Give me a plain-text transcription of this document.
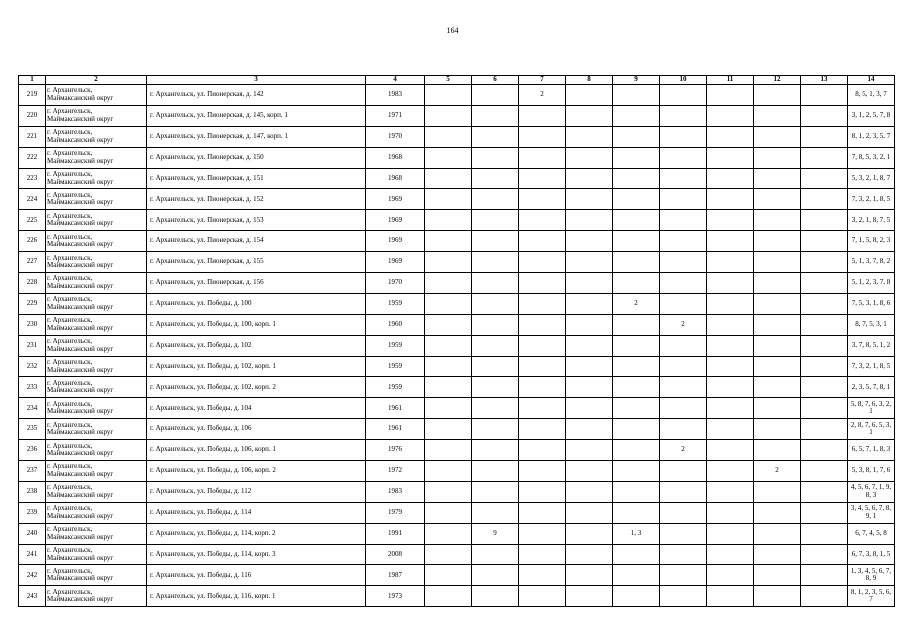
164
1	2	3	4	5	6	7	8	9	10	11	12	13	14
219	г. Архангельск,
Маймаксанский округ	г. Архангельск, ул. Пионерская, д. 142	1983			2							8, 5, 1, 3, 7
220	г. Архангельск,
Маймаксанский округ	г. Архангельск, ул. Пионерская, д. 145, корп. 1	1971										3, 1, 2, 5, 7, 8
221	г. Архангельск,
Маймаксанский округ	г. Архангельск, ул. Пионерская, д. 147, корп. 1	1970										8, 1, 2, 3, 5, 7
222	г. Архангельск,
Маймаксанский округ	г. Архангельск, ул. Пионерская, д. 150	1968										7, 8, 5, 3, 2, 1
223	г. Архангельск,
Маймаксанский округ	г. Архангельск, ул. Пионерская, д. 151	1968										5, 3, 2, 1, 8, 7
224	г. Архангельск,
Маймаксанский округ	г. Архангельск, ул. Пионерская, д. 152	1969										7, 3, 2, 1, 8, 5
225	г. Архангельск,
Маймаксанский округ	г. Архангельск, ул. Пионерская, д. 153	1969										3, 2, 1, 8, 7, 5
226	г. Архангельск,
Маймаксанский округ	г. Архангельск, ул. Пионерская, д. 154	1969										7, 1, 5, 8, 2, 3
227	г. Архангельск,
Маймаксанский округ	г. Архангельск, ул. Пионерская, д. 155	1969										5, 1, 3, 7, 8, 2
228	г. Архангельск,
Маймаксанский округ	г. Архангельск, ул. Пионерская, д. 156	1970										5, 1, 2, 3, 7, 8
229	г. Архангельск,
Маймаксанский округ	г. Архангельск, ул. Победы, д. 100	1959					2					7, 5, 3, 1, 8, 6
230	г. Архангельск,
Маймаксанский округ	г. Архангельск, ул. Победы, д. 100, корп. 1	1960						2				8, 7, 5, 3, 1
231	г. Архангельск,
Маймаксанский округ	г. Архангельск, ул. Победы, д. 102	1959										3, 7, 8, 5, 1, 2
232	г. Архангельск,
Маймаксанский округ	г. Архангельск, ул. Победы, д. 102, корп. 1	1959										7, 3, 2, 1, 8, 5
233	г. Архангельск,
Маймаксанский округ	г. Архангельск, ул. Победы, д. 102, корп. 2	1959										2, 3, 5, 7, 8, 1
234	г. Архангельск,
Маймаксанский округ	г. Архангельск, ул. Победы, д. 104	1961										5, 8, 7, 6, 3, 2, 1
235	г. Архангельск,
Маймаксанский округ	г. Архангельск, ул. Победы, д. 106	1961										2, 8, 7, 6, 5, 3, 1
236	г. Архангельск,
Маймаксанский округ	г. Архангельск, ул. Победы, д. 106, корп. 1	1976						2				6, 5, 7, 1, 8, 3
237	г. Архангельск,
Маймаксанский округ	г. Архангельск, ул. Победы, д. 106, корп. 2	1972								2		5, 3, 8, 1, 7, 6
238	г. Архангельск,
Маймаксанский округ	г. Архангельск, ул. Победы, д. 112	1983										4, 5, 6, 7, 1, 9, 8, 3
239	г. Архангельск,
Маймаксанский округ	г. Архангельск, ул. Победы, д. 114	1979										3, 4, 5, 6, 7, 8, 9, 1
240	г. Архангельск,
Маймаксанский округ	г. Архангельск, ул. Победы, д. 114, корп. 2	1991		9			1, 3					6, 7, 4, 5, 8
241	г. Архангельск,
Маймаксанский округ	г. Архангельск, ул. Победы, д. 114, корп. 3	2008										6, 7, 3, 8, 1, 5
242	г. Архангельск,
Маймаксанский округ	г. Архангельск, ул. Победы, д. 116	1987										1, 3, 4, 5, 6, 7, 8, 9
243	г. Архангельск,
Маймаксанский округ	г. Архангельск, ул. Победы, д. 116, корп. 1	1973										8, 1, 2, 3, 5, 6, 7
